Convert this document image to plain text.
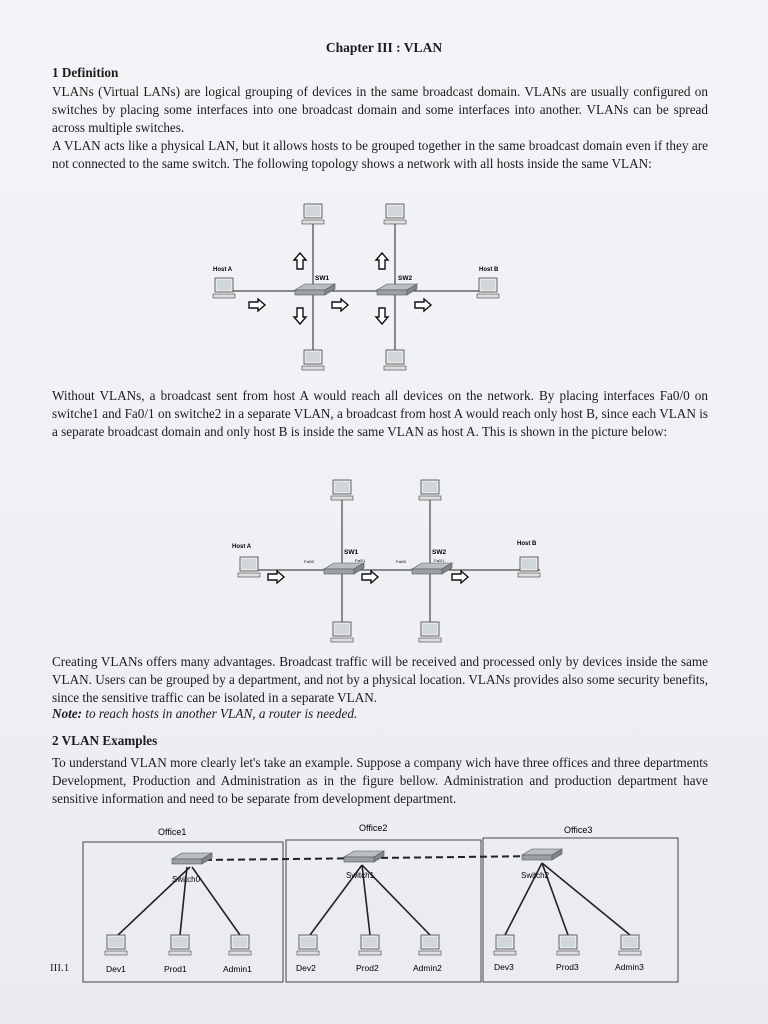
Chapter III : VLAN
1 Definition
VLANs (Virtual LANs) are logical grouping of devices in the same broadcast domain. VLANs are usually configured on switches by placing some interfaces into one broadcast domain and some interfaces into another. VLANs can be spread across multiple switches.
A VLAN acts like a physical LAN, but it allows hosts to be grouped together in the same broadcast domain even if they are not connected to the same switch. The following topology shows a network with all hosts inside the same VLAN:
Host A	Host B
SW1	SW2
Without VLANs, a broadcast sent from host A would reach all devices on the network. By placing interfaces Fa0/0 on switche1 and Fa0/1 on switche2 in a separate VLAN, a broadcast from host A would reach only host B, since each VLAN is a separate broadcast domain and only host B is inside the same VLAN as host A. This is shown in the picture below:
Host A	Host B
SW1	SW2
Fa0/0	Fa0/1	Fa0/0	Fa0/1
Creating VLANs offers many advantages. Broadcast traffic will be received and processed only by devices inside the same VLAN. Users can be grouped by a department, and not by a physical location. VLANs provides also some security benefits, since the sensitive traffic can be isolated in a separate VLAN.
Note: to reach hosts in another VLAN, a router is needed.
2 VLAN Examples
To understand VLAN more clearly let's take an example. Suppose a company wich have three offices and three departments Development, Production and Administration as in the figure bellow. Administration and production department have sensitive information and need to be separate from development department.
Office1	Office2	Office3
Switch0	Switch1	Switch2
Dev1	Prod1	Admin1	Dev2	Prod2	Admin2	Dev3	Prod3	Admin3
III.1
